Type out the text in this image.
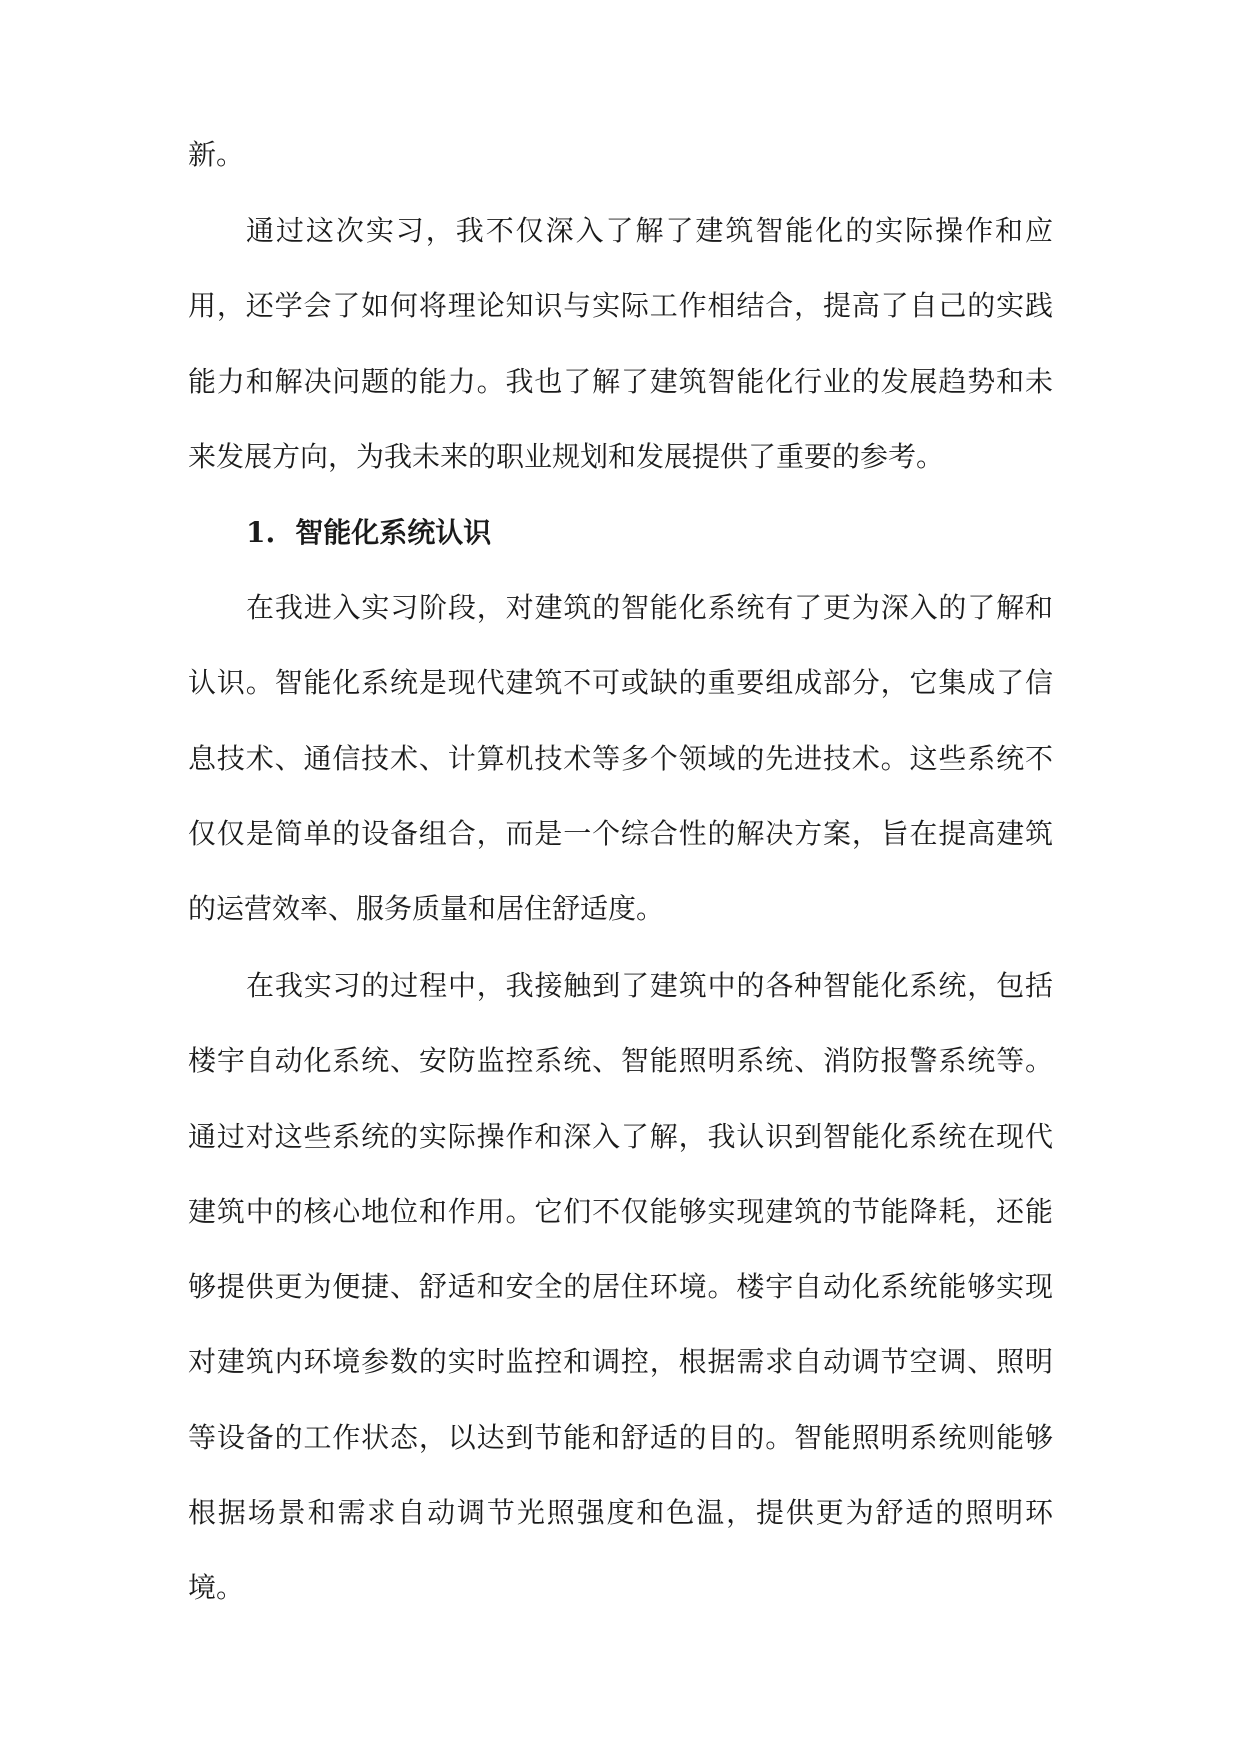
新。

通过这次实习，我不仅深入了解了建筑智能化的实际操作和应用，还学会了如何将理论知识与实际工作相结合，提高了自己的实践能力和解决问题的能力。我也了解了建筑智能化行业的发展趋势和未来发展方向，为我未来的职业规划和发展提供了重要的参考。

1. 智能化系统认识

在我进入实习阶段，对建筑的智能化系统有了更为深入的了解和认识。智能化系统是现代建筑不可或缺的重要组成部分，它集成了信息技术、通信技术、计算机技术等多个领域的先进技术。这些系统不仅仅是简单的设备组合，而是一个综合性的解决方案，旨在提高建筑的运营效率、服务质量和居住舒适度。

在我实习的过程中，我接触到了建筑中的各种智能化系统，包括楼宇自动化系统、安防监控系统、智能照明系统、消防报警系统等。通过对这些系统的实际操作和深入了解，我认识到智能化系统在现代建筑中的核心地位和作用。它们不仅能够实现建筑的节能降耗，还能够提供更为便捷、舒适和安全的居住环境。楼宇自动化系统能够实现对建筑内环境参数的实时监控和调控，根据需求自动调节空调、照明等设备的工作状态，以达到节能和舒适的目的。智能照明系统则能够根据场景和需求自动调节光照强度和色温，提供更为舒适的照明环境。
